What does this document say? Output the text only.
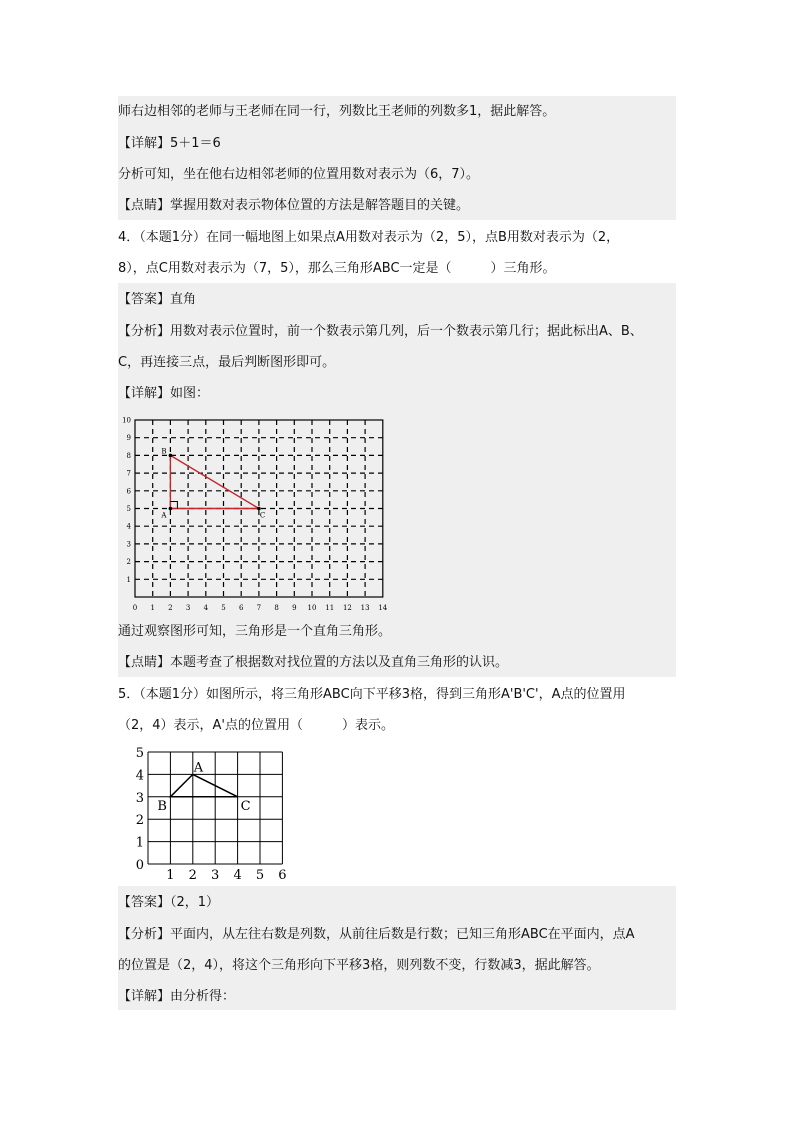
师右边相邻的老师与王老师在同一行，列数比王老师的列数多1，据此解答。
【详解】5＋1＝6
分析可知，坐在他右边相邻老师的位置用数对表示为（6，7）。
【点睛】掌握用数对表示物体位置的方法是解答题目的关键。
4．（本题1分）在同一幅地图上如果点A用数对表示为（2，5），点B用数对表示为（2，
8），点C用数对表示为（7，5），那么三角形ABC一定是（　　　）三角形。
【答案】直角
【分析】用数对表示位置时，前一个数表示第几列，后一个数表示第几行；据此标出A、B、
C，再连接三点，最后判断图形即可。
【详解】如图：
0 1 2 3 4 5 6 7 8 9 10 11 12 13 14
1
2
3
4
5
6
7
8
9
10
A
B
C
通过观察图形可知，三角形是一个直角三角形。
【点睛】本题考查了根据数对找位置的方法以及直角三角形的认识。
5．（本题1分）如图所示，将三角形ABC向下平移3格，得到三角形A'B'C'，A点的位置用
（2，4）表示，A'点的位置用（　　　）表示。
1 2 3 4 5 6
0
1
2
3
4
5
A
B	C
【答案】（2，1）
【分析】平面内，从左往右数是列数，从前往后数是行数；已知三角形ABC在平面内，点A
的位置是（2，4），将这个三角形向下平移3格，则列数不变，行数减3，据此解答。
【详解】由分析得：
